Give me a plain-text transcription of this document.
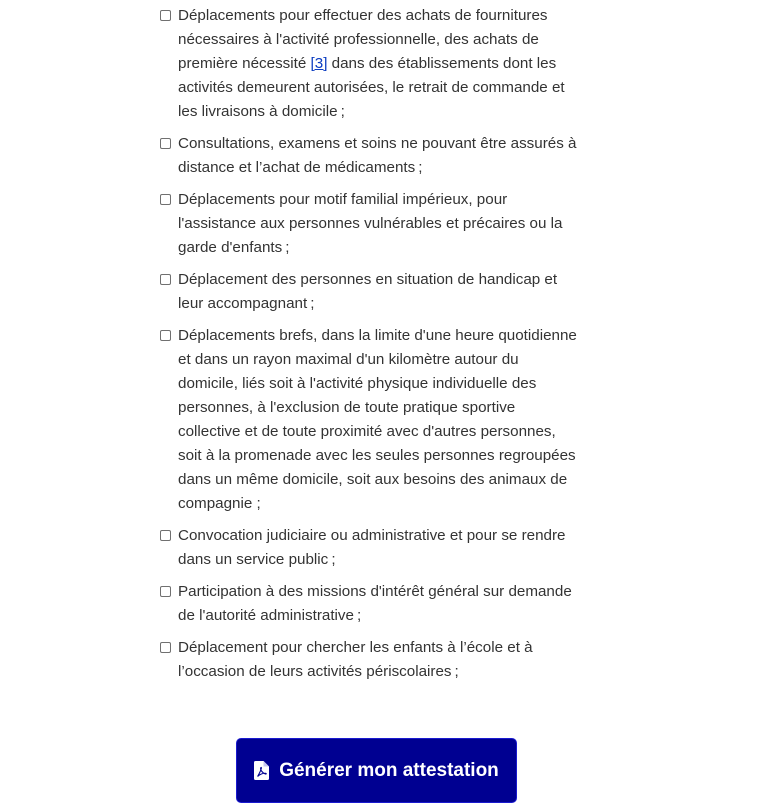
Déplacements pour effectuer des achats de fournitures nécessaires à l'activité professionnelle, des achats de première nécessité [3] dans des établissements dont les activités demeurent autorisées, le retrait de commande et les livraisons à domicile ;
Consultations, examens et soins ne pouvant être assurés à distance et l’achat de médicaments ;
Déplacements pour motif familial impérieux, pour l'assistance aux personnes vulnérables et précaires ou la garde d'enfants ;
Déplacement des personnes en situation de handicap et leur accompagnant ;
Déplacements brefs, dans la limite d'une heure quotidienne et dans un rayon maximal d'un kilomètre autour du domicile, liés soit à l'activité physique individuelle des personnes, à l'exclusion de toute pratique sportive collective et de toute proximité avec d'autres personnes, soit à la promenade avec les seules personnes regroupées dans un même domicile, soit aux besoins des animaux de compagnie ;
Convocation judiciaire ou administrative et pour se rendre dans un service public ;
Participation à des missions d'intérêt général sur demande de l'autorité administrative ;
Déplacement pour chercher les enfants à l’école et à l’occasion de leurs activités périscolaires ;
Générer mon attestation
